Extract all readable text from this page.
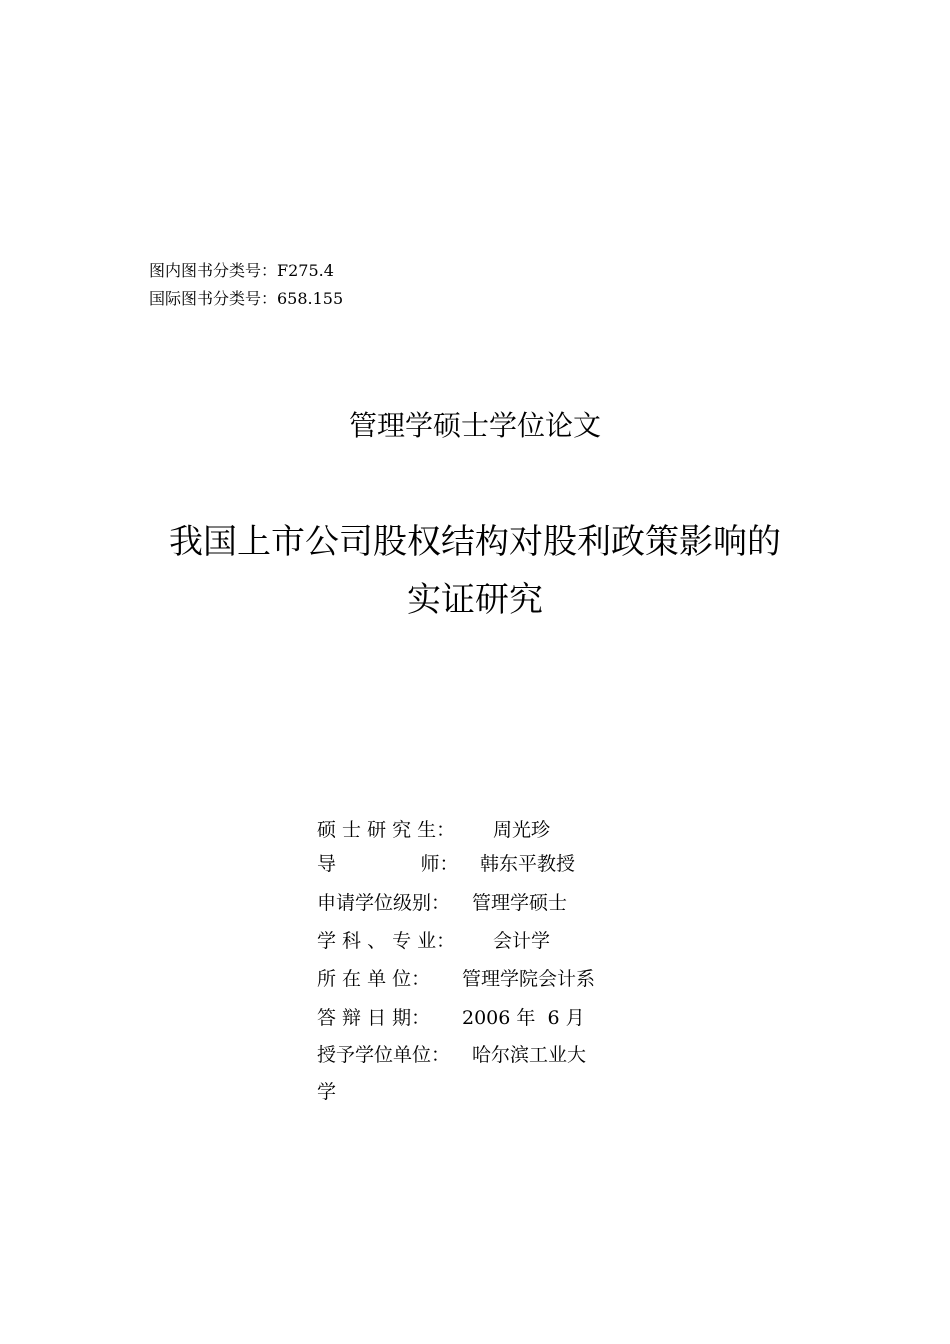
图内图书分类号：F275.4
国际图书分类号：658.155
管理学硕士学位论文
我国上市公司股权结构对股利政策影响的
实证研究
硕 士 研 究 生： 周光珍
导              师： 韩东平教授
申请学位级别： 管理学硕士
学 科 、 专 业： 会计学
所 在 单 位： 管理学院会计系
答 辩 日 期： 2006 年  6 月
授予学位单位： 哈尔滨工业大
学
